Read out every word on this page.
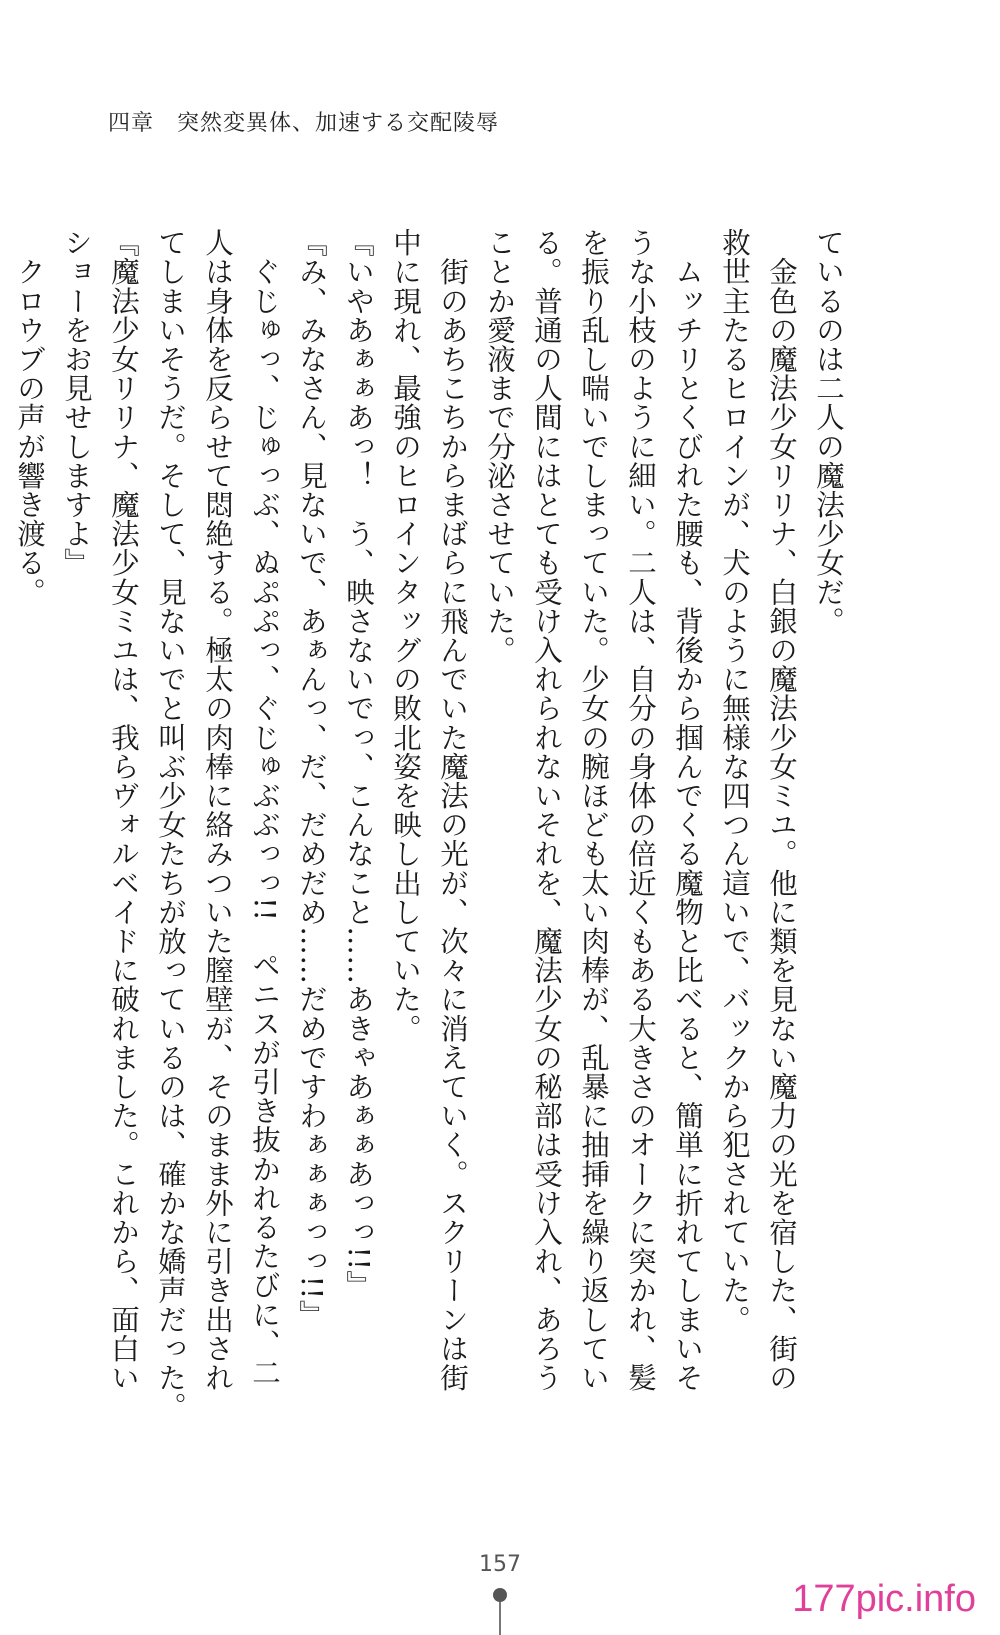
四章　突然変異体、加速する交配陵辱
ているのは二人の魔法少女だ。
　金色の魔法少女リリナ、白銀の魔法少女ミユ。他に類を見ない魔力の光を宿した、街の
救世主たるヒロインが、犬のように無様な四つん這いで、バックから犯されていた。
　ムッチリとくびれた腰も、背後から掴んでくる魔物と比べると、簡単に折れてしまいそ
うな小枝のように細い。二人は、自分の身体の倍近くもある大きさのオークに突かれ、髪
を振り乱し喘いでしまっていた。少女の腕ほども太い肉棒が、乱暴に抽挿を繰り返してい
る。普通の人間にはとても受け入れられないそれを、魔法少女の秘部は受け入れ、あろう
ことか愛液まで分泌させていた。
　街のあちこちからまばらに飛んでいた魔法の光が、次々に消えていく。スクリーンは街
中に現れ、最強のヒロインタッグの敗北姿を映し出していた。
『いやあぁぁあっ！　う、映さないでっ、こんなこと……あきゃあぁぁあっっ!!』
『み、みなさん、見ないで、あぁんっ、だ、だめだめ……だめですわぁぁぁっっ!!』
　ぐじゅっ、じゅっぶ、ぬぷぷっ、ぐじゅぶぶっっ!!　ペニスが引き抜かれるたびに、二
人は身体を反らせて悶絶する。極太の肉棒に絡みついた膣壁が、そのまま外に引き出され
てしまいそうだ。そして、見ないでと叫ぶ少女たちが放っているのは、確かな嬌声だった。
『魔法少女リリナ、魔法少女ミユは、我らヴォルベイドに破れました。これから、面白い
ショーをお見せしますよ』
　クロウブの声が響き渡る。
157
177pic.info
